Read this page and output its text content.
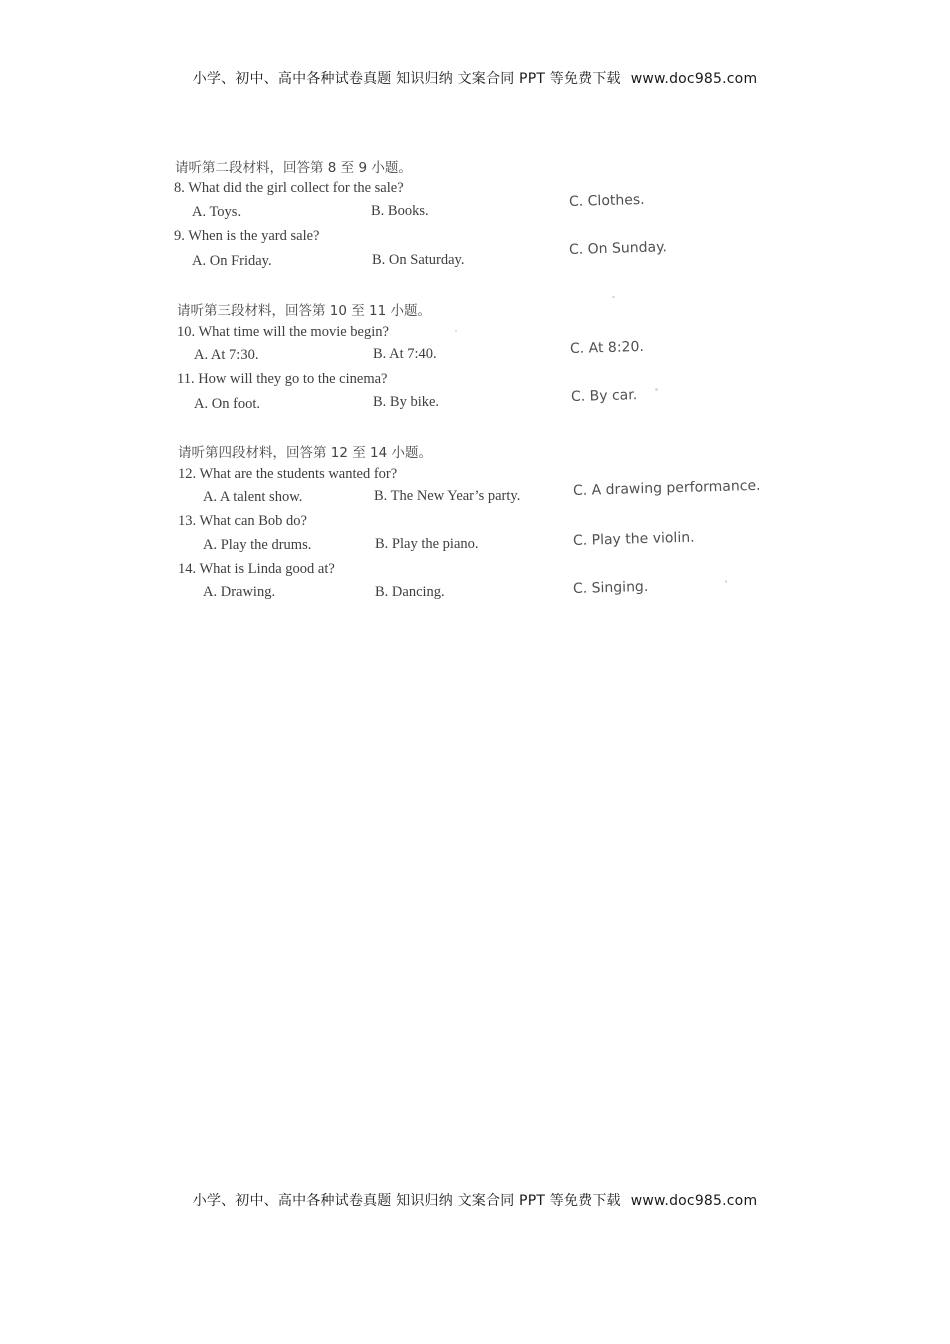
小学、初中、高中各种试卷真题 知识归纳 文案合同 PPT 等免费下载 www.doc985.com
请听第二段材料，回答第 8 至 9 小题。
8. What did the girl collect for the sale?
A. Toys.	B. Books.
C. Clothes.
9. When is the yard sale?
A. On Friday.	B. On Saturday.
C. On Sunday.
请听第三段材料，回答第 10 至 11 小题。
10. What time will the movie begin?
A. At 7:30.	B. At 7:40.	C. At 8:20.
11. How will they go to the cinema?
A. On foot.	B. By bike.	C. By car.
请听第四段材料，回答第 12 至 14 小题。
12. What are the students wanted for?
A. A talent show.	B. The New Year’s party.	C. A drawing performance.
13. What can Bob do?
A. Play the drums.	B. Play the piano.	C. Play the violin.
14. What is Linda good at?
A. Drawing.	B. Dancing.	C. Singing.
小学、初中、高中各种试卷真题 知识归纳 文案合同 PPT 等免费下载 www.doc985.com
